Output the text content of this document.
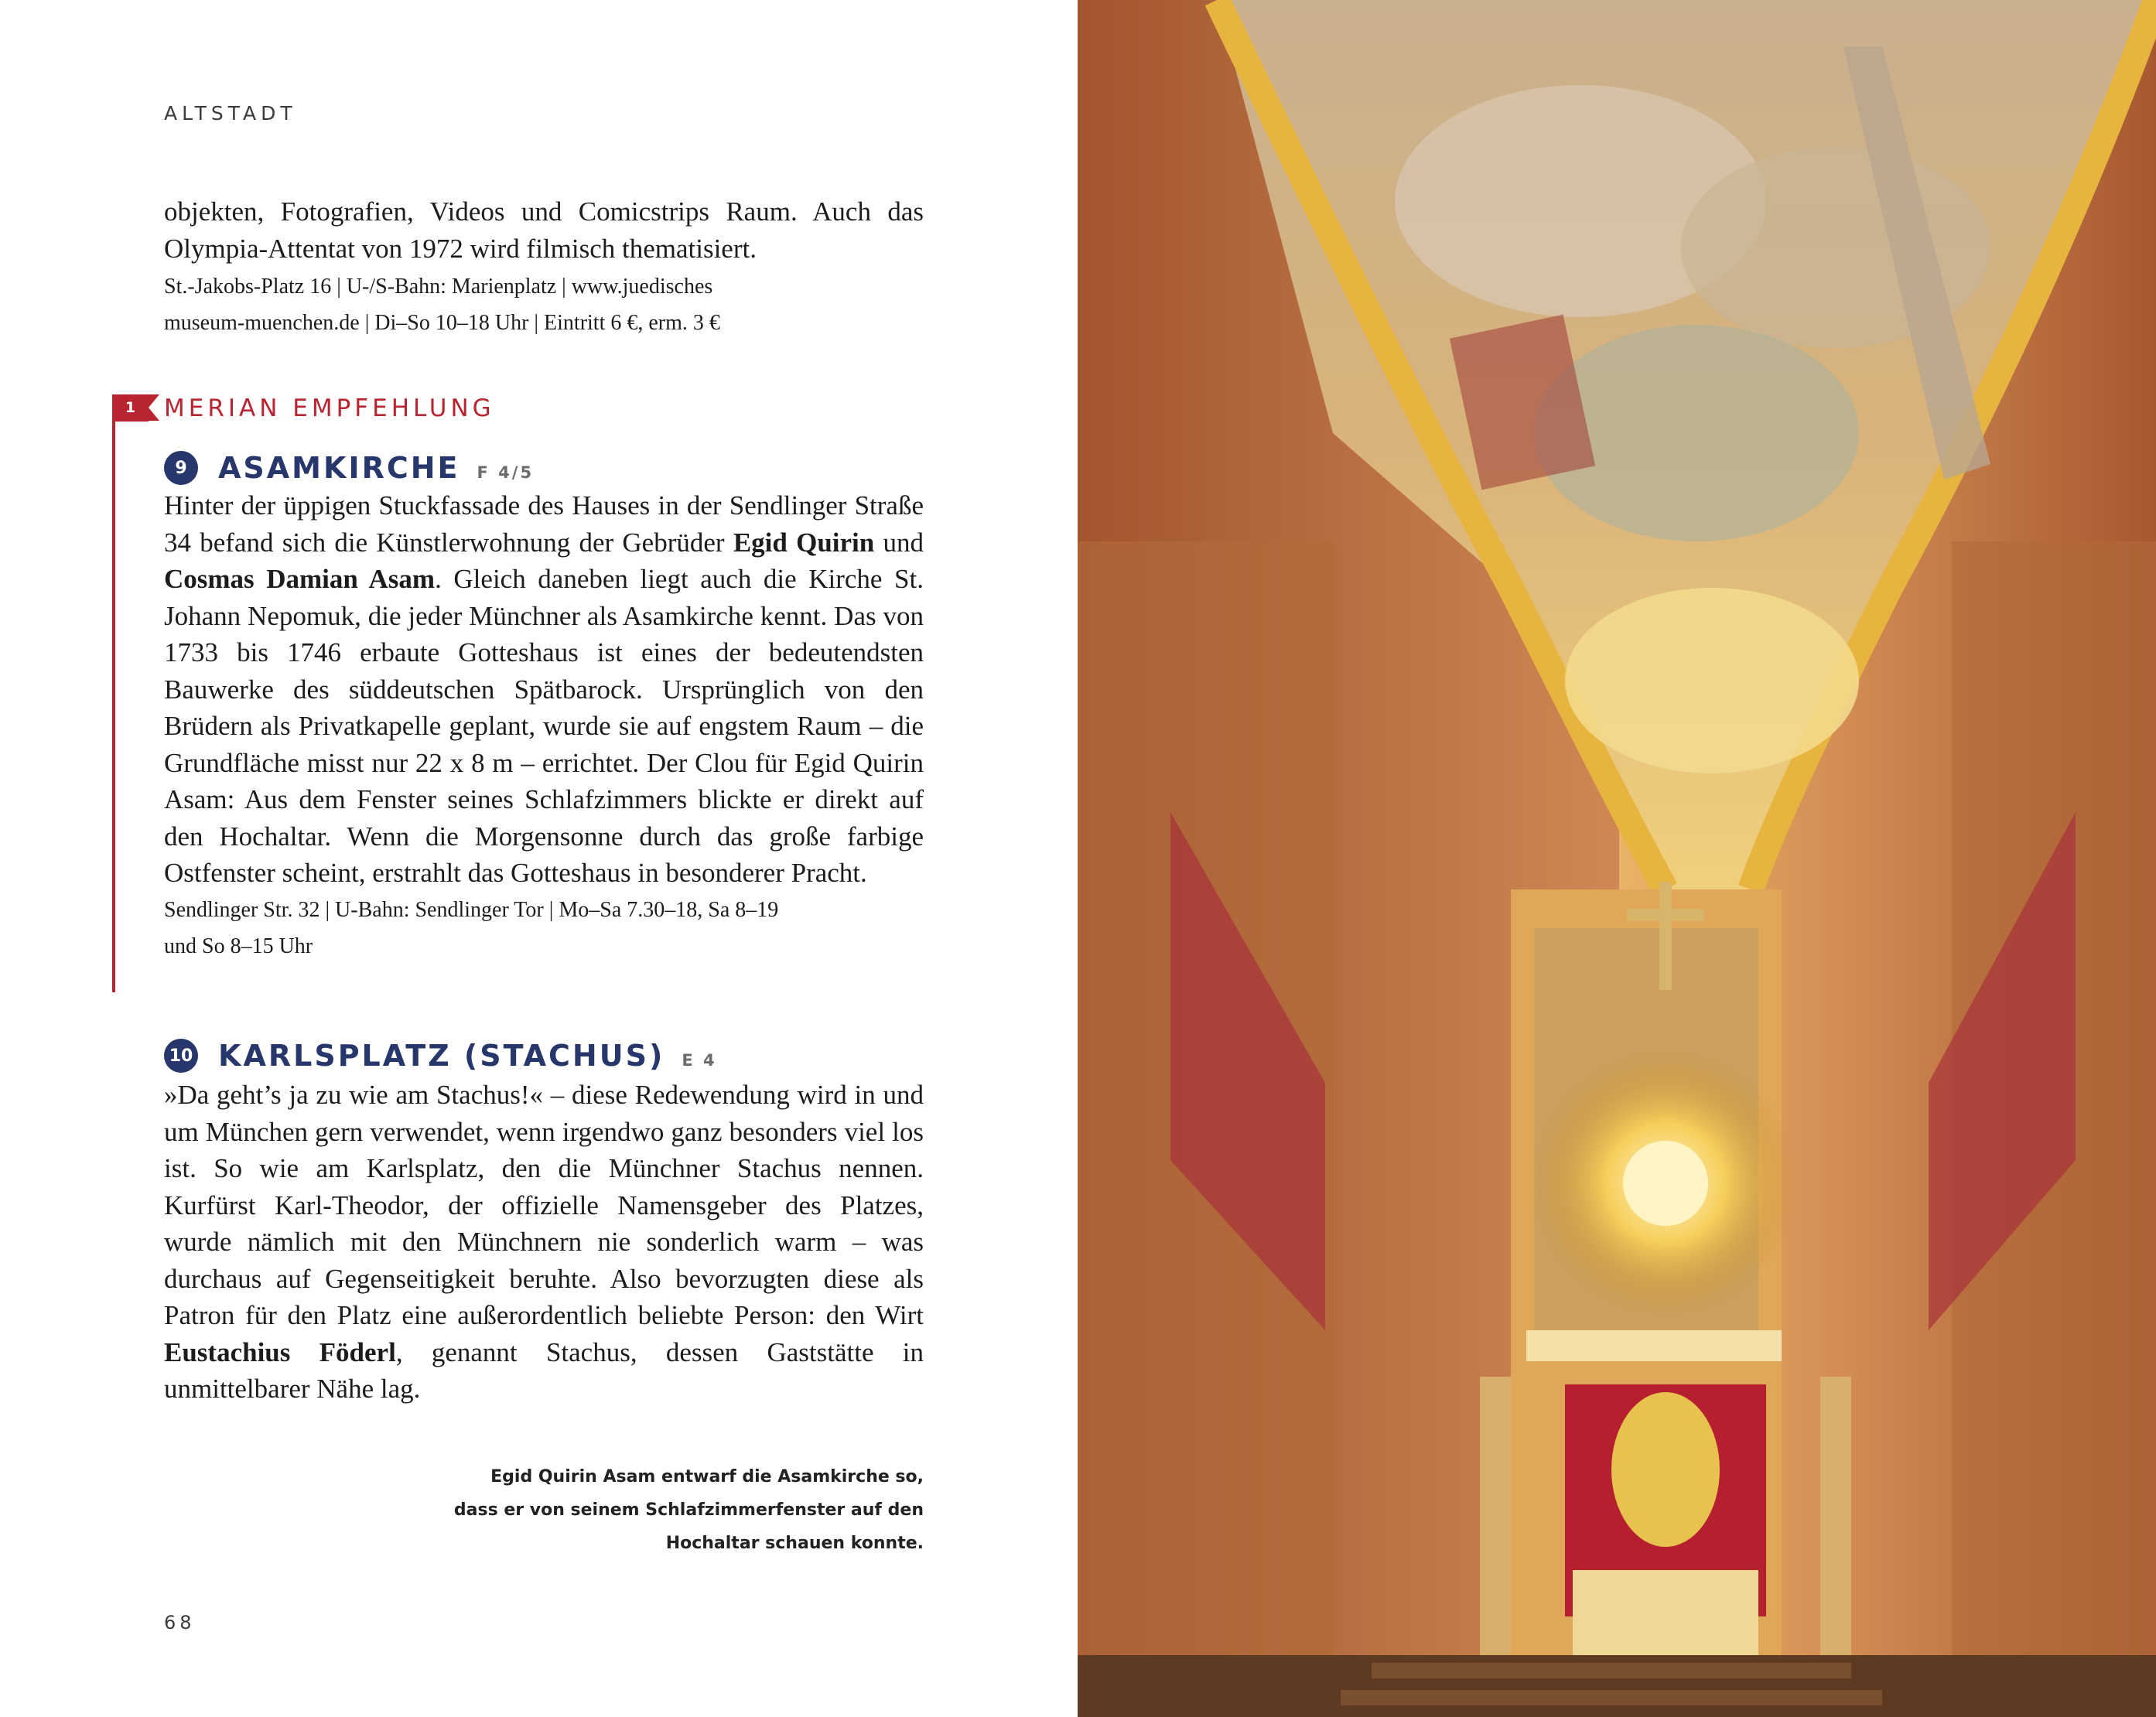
ALTSTADT

objekten, Fotografien, Videos und Comicstrips Raum. Auch das Olympia-Attentat von 1972 wird filmisch thematisiert.

St.-Jakobs-Platz 16 | U-/S-Bahn: Marienplatz | www.juedisches
museum-muenchen.de | Di–So 10–18 Uhr | Eintritt 6 €, erm. 3 €

1	MERIAN EMPFEHLUNG
9	ASAMKIRCHE F 4/5

Hinter der üppigen Stuckfassade des Hauses in der Sendlinger Straße 34 befand sich die Künstlerwohnung der Gebrüder Egid Quirin und Cosmas Damian Asam. Gleich daneben liegt auch die Kirche St. Johann Nepomuk, die jeder Münchner als Asamkirche kennt. Das von 1733 bis 1746 erbaute Gotteshaus ist eines der bedeutendsten Bauwerke des süddeutschen Spätbarock. Ursprünglich von den Brüdern als Privatkapelle geplant, wurde sie auf engstem Raum – die Grundfläche misst nur 22 x 8 m – errichtet. Der Clou für Egid Quirin Asam: Aus dem Fenster seines Schlafzimmers blickte er direkt auf den Hochaltar. Wenn die Morgensonne durch das große farbige Ostfenster scheint, erstrahlt das Gotteshaus in besonderer Pracht.

Sendlinger Str. 32 | U-Bahn: Sendlinger Tor | Mo–Sa 7.30–18, Sa 8–19
und So 8–15 Uhr

10 KARLSPLATZ (STACHUS) E 4

»Da geht’s ja zu wie am Stachus!« – diese Redewendung wird in und um München gern verwendet, wenn irgendwo ganz besonders viel los ist. So wie am Karlsplatz, den die Münchner Stachus nennen. Kurfürst Karl-Theodor, der offizielle Namensgeber des Platzes, wurde nämlich mit den Münchnern nie sonderlich warm – was durchaus auf Gegenseitigkeit beruhte. Also bevorzugten diese als Patron für den Platz eine außerordentlich beliebte Person: den Wirt Eustachius Föderl, genannt Stachus, dessen Gaststätte in unmittelbarer Nähe lag.

Egid Quirin Asam entwarf die Asamkirche so,
dass er von seinem Schlafzimmerfenster auf den
Hochaltar schauen konnte.
68
